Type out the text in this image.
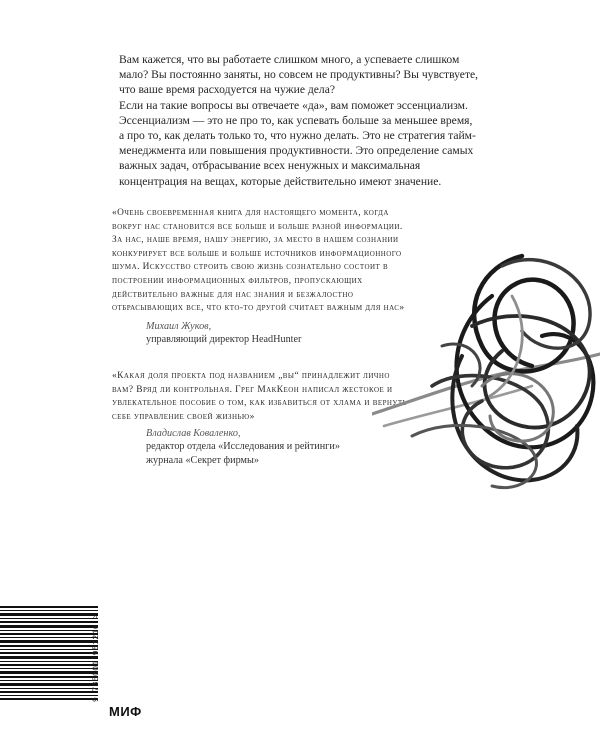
Вам кажется, что вы работаете слишком много, а успеваете слишком мало? Вы постоянно заняты, но совсем не продуктивны? Вы чувствуете, что ваше время расходуется на чужие дела?

Если на такие вопросы вы отвечаете «да», вам поможет эссенциализм. Эссенциализм — это не про то, как успевать больше за меньшее время, а про то, как делать только то, что нужно делать. Это не стратегия тайм-менеджмента или повышения продуктивности. Это определение самых важных задач, отбрасывание всех ненужных и максимальная концентрация на вещах, которые действительно имеют значение.

«Очень своевременная книга для настоящего момента, когда вокруг нас становится все больше и больше разной информации. За нас, наше время, нашу энергию, за место в нашем сознании конкурирует все больше и больше источников информационного шума. Искусство строить свою жизнь сознательно состоит в построении информационных фильтров, пропускающих действительно важные для нас знания и безжалостно отбрасывающих все, что кто-то другой считает важным для нас»
Михаил Жуков,
управляющий директор HeadHunter
«Какая доля проекта под названием „вы“ принадлежит лично вам? Вряд ли контрольная. Грег МакКеон написал жестокое и увлекательное пособие о том, как избавиться от хлама и вернуть себе управление своей жизнью»
Владислав Коваленко,
редактор отдела «Исследования и рейтинги»
журнала «Секрет фирмы»
9 785001 951216 >
МИФ
